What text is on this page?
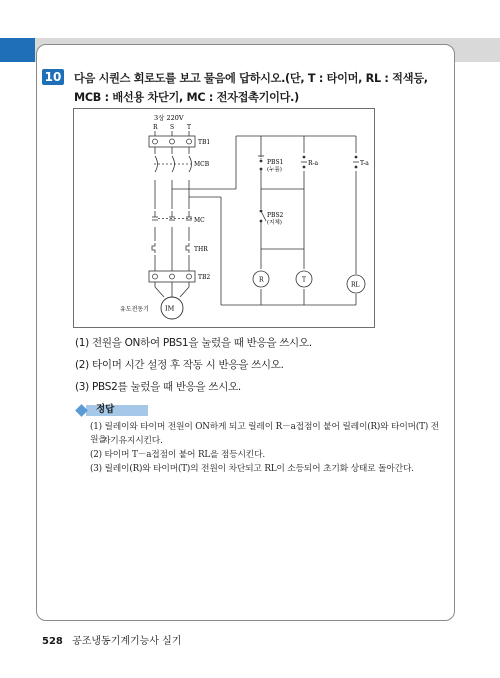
10 다음 시퀀스 회로도를 보고 물음에 답하시오.(단, T : 타이머, RL : 적색등, MCB : 배선용 차단기, MC : 전자접촉기이다.)
3상 220V
R S T
TB1
MCB
MC
THR
TB2
IM
유도전동기
PBS1
(누름)
PBS2
(지체)
R-a	T-a
R	T
RL
(1) 전원을 ON하여 PBS1을 눌렀을 때 반응을 쓰시오.
(2) 타이머 시간 설정 후 작동 시 반응을 쓰시오.
(3) PBS2를 눌렀을 때 반응을 쓰시오.
정답
(1) 릴레이와 타이머 전원이 ON하게 되고 릴레이 R－a접점이 붙어 릴레이(R)와 타이머(T) 전원을
자기유지시킨다.
(2) 타이머 T－a접점이 붙어 RL을 점등시킨다.
(3) 릴레이(R)와 타이머(T)의 전원이 차단되고 RL이 소등되어 초기화 상태로 돌아간다.
528 공조냉동기계기능사 실기
